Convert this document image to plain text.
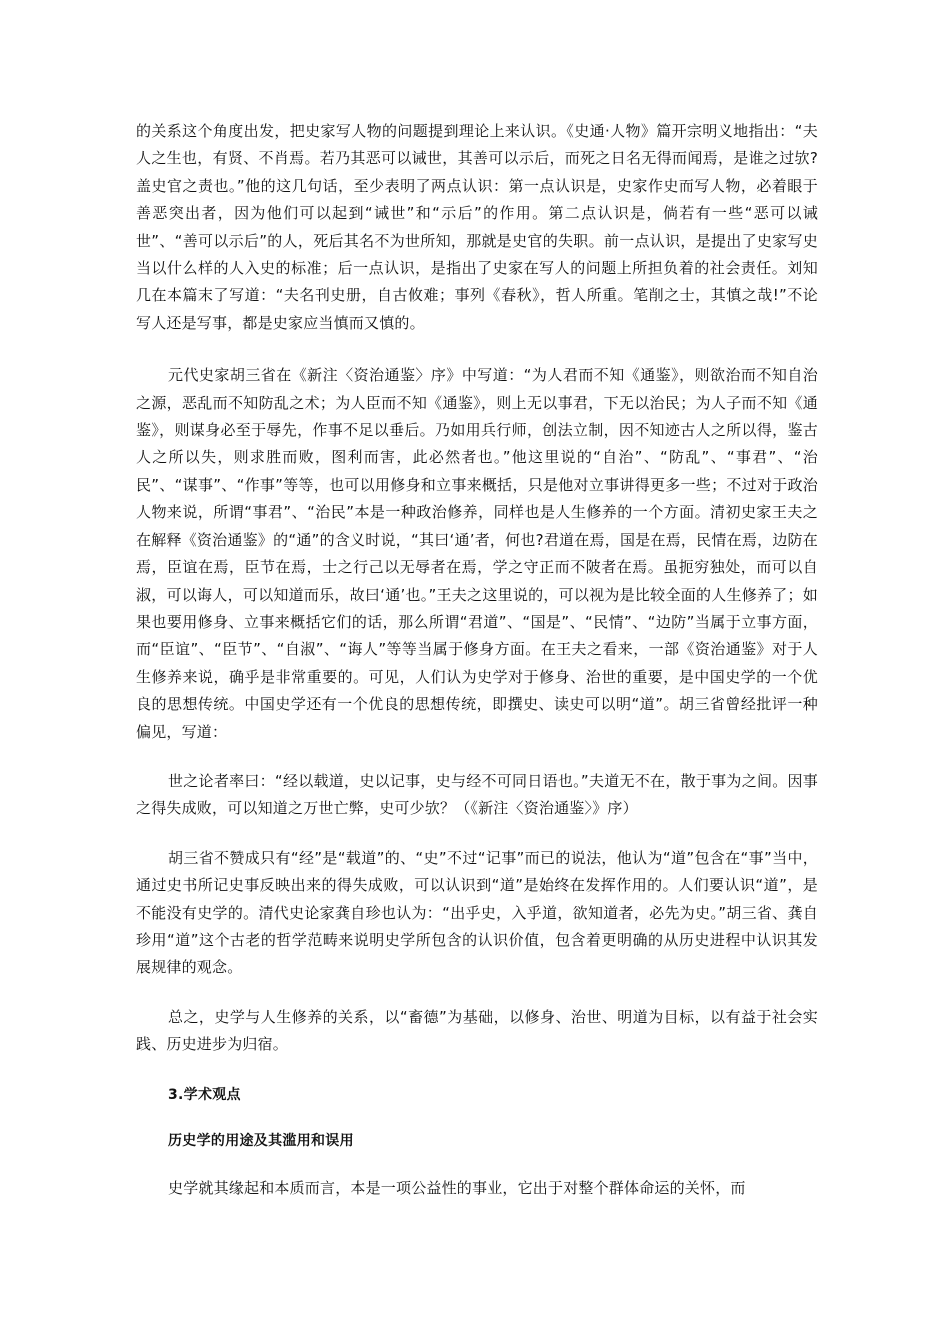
的关系这个角度出发，把史家写人物的问题提到理论上来认识。《史通·人物》篇开宗明义地指出：“夫人之生也，有贤、不肖焉。若乃其恶可以诫世，其善可以示后，而死之日名无得而闻焉，是谁之过欤?盖史官之责也。”他的这几句话，至少表明了两点认识：第一点认识是，史家作史而写人物，必着眼于善恶突出者，因为他们可以起到“诫世”和“示后”的作用。第二点认识是，倘若有一些“恶可以诫世”、“善可以示后”的人，死后其名不为世所知，那就是史官的失职。前一点认识，是提出了史家写史当以什么样的人入史的标准；后一点认识，是指出了史家在写人的问题上所担负着的社会责任。刘知几在本篇末了写道：“夫名刊史册，自古攸难；事列《春秋》，哲人所重。笔削之士，其慎之哉!”不论写人还是写事，都是史家应当慎而又慎的。

元代史家胡三省在《新注〈资治通鉴〉序》中写道：“为人君而不知《通鉴》，则欲治而不知自治之源，恶乱而不知防乱之术；为人臣而不知《通鉴》，则上无以事君，下无以治民；为人子而不知《通鉴》，则谋身必至于辱先，作事不足以垂后。乃如用兵行师，创法立制，因不知迹古人之所以得，鉴古人之所以失，则求胜而败，图利而害，此必然者也。”他这里说的“自治”、“防乱”、“事君”、“治民”、“谋事”、“作事”等等，也可以用修身和立事来概括，只是他对立事讲得更多一些；不过对于政治人物来说，所谓“事君”、“治民”本是一种政治修养，同样也是人生修养的一个方面。清初史家王夫之在解释《资治通鉴》的“通”的含义时说，“其曰‘通’者，何也?君道在焉，国是在焉，民情在焉，边防在焉，臣谊在焉，臣节在焉，士之行己以无辱者在焉，学之守正而不陂者在焉。虽扼穷独处，而可以自淑，可以诲人，可以知道而乐，故曰‘通’也。”王夫之这里说的，可以视为是比较全面的人生修养了；如果也要用修身、立事来概括它们的话，那么所谓“君道”、“国是”、“民情”、“边防”当属于立事方面，而“臣谊”、“臣节”、“自淑”、“诲人”等等当属于修身方面。在王夫之看来，一部《资治通鉴》对于人生修养来说，确乎是非常重要的。可见，人们认为史学对于修身、治世的重要，是中国史学的一个优良的思想传统。中国史学还有一个优良的思想传统，即撰史、读史可以明“道”。胡三省曾经批评一种偏见，写道：

世之论者率曰：“经以载道，史以记事，史与经不可同日语也。”夫道无不在，散于事为之间。因事之得失成败，可以知道之万世亡弊，史可少欤？（《新注〈资治通鉴〉》序）

胡三省不赞成只有“经”是“载道”的、“史”不过“记事”而已的说法，他认为“道”包含在“事”当中，通过史书所记史事反映出来的得失成败，可以认识到“道”是始终在发挥作用的。人们要认识“道”，是不能没有史学的。清代史论家龚自珍也认为：“出乎史，入乎道，欲知道者，必先为史。”胡三省、龚自珍用“道”这个古老的哲学范畴来说明史学所包含的认识价值，包含着更明确的从历史进程中认识其发展规律的观念。

总之，史学与人生修养的关系，以“畜德”为基础，以修身、治世、明道为目标，以有益于社会实践、历史进步为归宿。

3.学术观点
历史学的用途及其滥用和误用

史学就其缘起和本质而言，本是一项公益性的事业，它出于对整个群体命运的关怀，而
